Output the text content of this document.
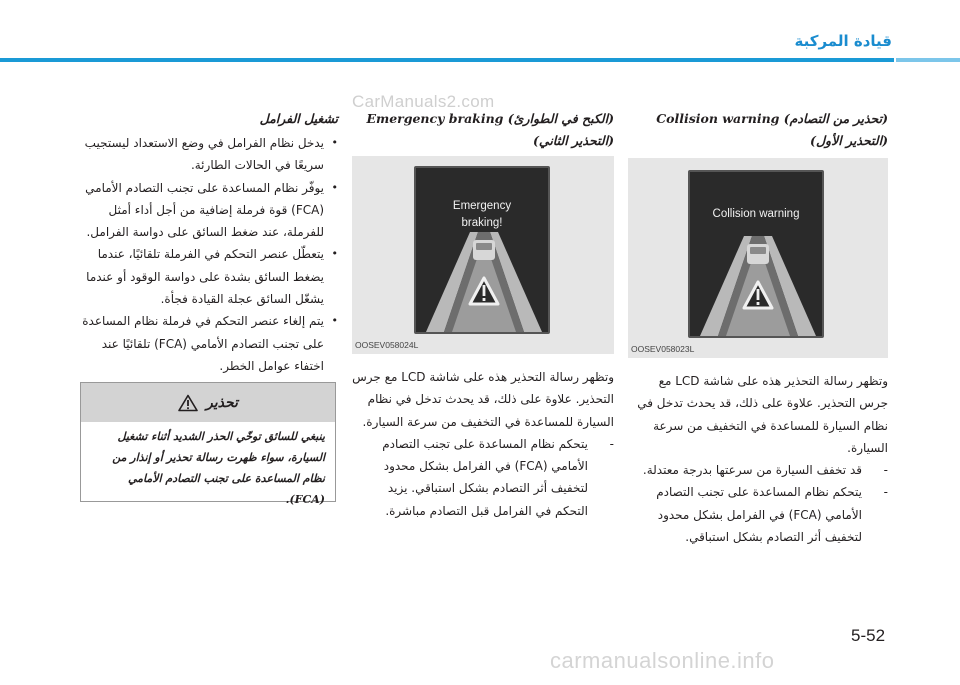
قيادة المركبة
CarManuals2.com
(تحذير من التصادم) Collision warning
(التحذير الأول)
Collision warning
OOSEV058023L
وتظهر رسالة التحذير هذه على شاشة LCD مع جرس التحذير. علاوة على ذلك، قد يحدث تدخل في نظام السيارة للمساعدة في التخفيف من سرعة السيارة.
-
قد تخفف السيارة من سرعتها بدرجة معتدلة.
-
يتحكم نظام المساعدة على تجنب التصادم الأمامي (FCA) في الفرامل بشكل محدود لتخفيف أثر التصادم بشكل استباقي.
(الكبح في الطوارئ) Emergency braking
(التحذير الثاني)
Emergency
braking!
OOSEV058024L
وتظهر رسالة التحذير هذه على شاشة LCD مع جرس التحذير. علاوة على ذلك، قد يحدث تدخل في نظام السيارة للمساعدة في التخفيف من سرعة السيارة.
-
يتحكم نظام المساعدة على تجنب التصادم الأمامي (FCA) في الفرامل بشكل محدود لتخفيف أثر التصادم بشكل استباقي. يزيد التحكم في الفرامل قبل التصادم مباشرة.
تشغيل الفرامل
•
يدخل نظام الفرامل في وضع الاستعداد ليستجيب سريعًا في الحالات الطارئة.
•
يوفّر نظام المساعدة على تجنب التصادم الأمامي (FCA) قوة فرملة إضافية من أجل أداء أمثل للفرملة، عند ضغط السائق على دواسة الفرامل.
•
يتعطّل عنصر التحكم في الفرملة تلقائيًا، عندما يضغط السائق بشدة على دواسة الوقود أو عندما يشغّل السائق عجلة القيادة فجأة.
•
يتم إلغاء عنصر التحكم في فرملة نظام المساعدة على تجنب التصادم الأمامي (FCA) تلقائيًا عند اختفاء عوامل الخطر.
تحذير
ينبغي للسائق توخّي الحذر الشديد أثناء تشغيل السيارة، سواء ظهرت رسالة تحذير أو إنذار من نظام المساعدة على تجنب التصادم الأمامي (FCA).
5-52
carmanualsonline.info
